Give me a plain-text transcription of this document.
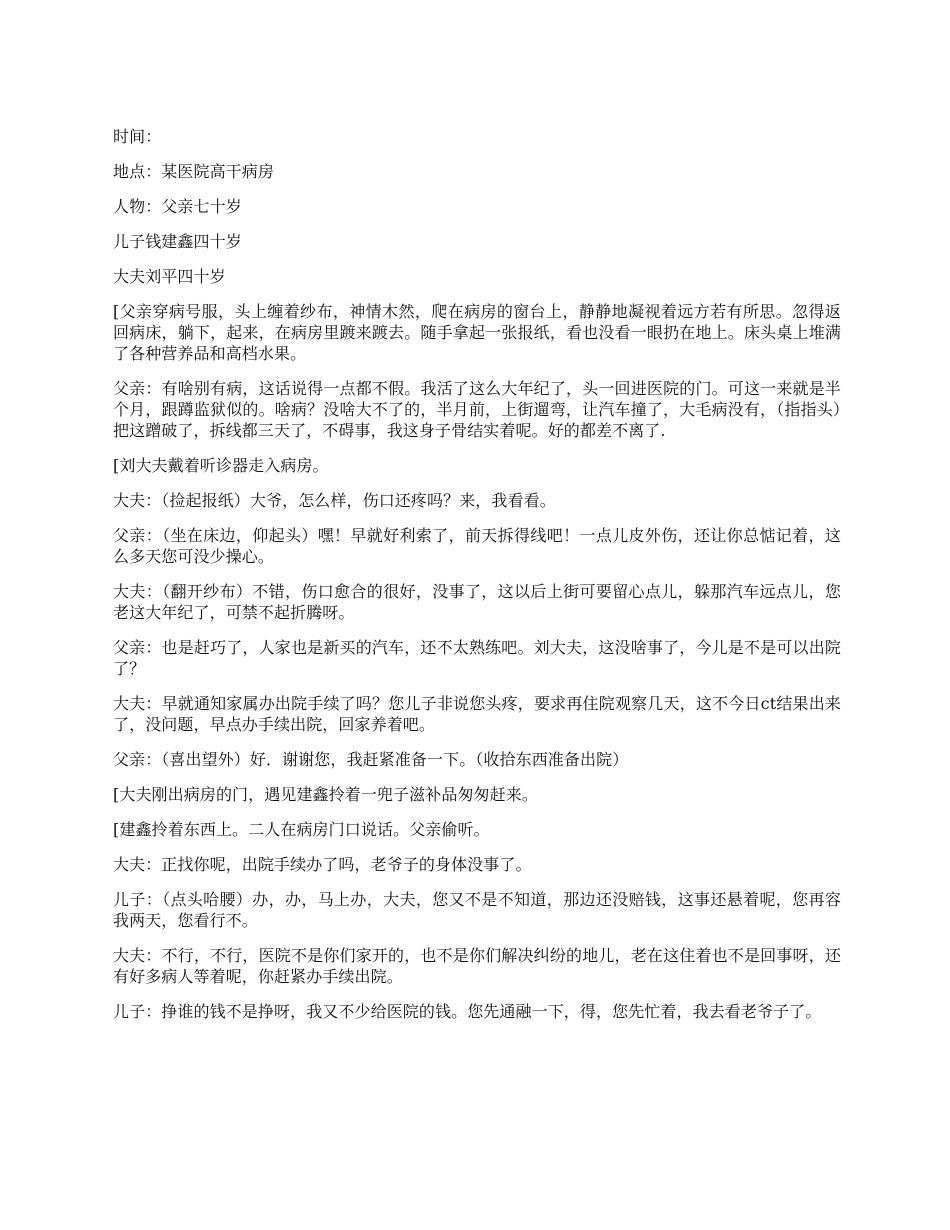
时间：

地点：某医院高干病房

人物：父亲七十岁

儿子钱建鑫四十岁

大夫刘平四十岁

[父亲穿病号服，头上缠着纱布，神情木然，爬在病房的窗台上，静静地凝视着远方若有所思。忽得返回病床，躺下，起来，在病房里踱来踱去。随手拿起一张报纸，看也没看一眼扔在地上。床头桌上堆满了各种营养品和高档水果。

父亲：有啥别有病，这话说得一点都不假。我活了这么大年纪了，头一回进医院的门。可这一来就是半个月，跟蹲监狱似的。啥病？没啥大不了的，半月前，上街遛弯，让汽车撞了，大毛病没有，（指指头）把这蹭破了，拆线都三天了，不碍事，我这身子骨结实着呢。好的都差不离了.

[刘大夫戴着听诊器走入病房。

大夫：（捡起报纸）大爷，怎么样，伤口还疼吗？来，我看看。

父亲：（坐在床边，仰起头）嘿！早就好利索了，前天拆得线吧！一点儿皮外伤，还让你总惦记着，这么多天您可没少操心。

大夫：（翻开纱布）不错，伤口愈合的很好，没事了，这以后上街可要留心点儿，躲那汽车远点儿，您老这大年纪了，可禁不起折腾呀。

父亲：也是赶巧了，人家也是新买的汽车，还不太熟练吧。刘大夫，这没啥事了，今儿是不是可以出院了？

大夫：早就通知家属办出院手续了吗？您儿子非说您头疼，要求再住院观察几天，这不今日ct结果出来了，没问题，早点办手续出院，回家养着吧。

父亲：（喜出望外）好．谢谢您，我赶紧准备一下。（收拾东西准备出院）

[大夫刚出病房的门，遇见建鑫拎着一兜子滋补品匆匆赶来。

[建鑫拎着东西上。二人在病房门口说话。父亲偷听。

大夫：正找你呢，出院手续办了吗，老爷子的身体没事了。

儿子：（点头哈腰）办，办，马上办，大夫，您又不是不知道，那边还没赔钱，这事还悬着呢，您再容我两天，您看行不。

大夫：不行，不行，医院不是你们家开的，也不是你们解决纠纷的地儿，老在这住着也不是回事呀，还有好多病人等着呢，你赶紧办手续出院。

儿子：挣谁的钱不是挣呀，我又不少给医院的钱。您先通融一下，得，您先忙着，我去看老爷子了。
